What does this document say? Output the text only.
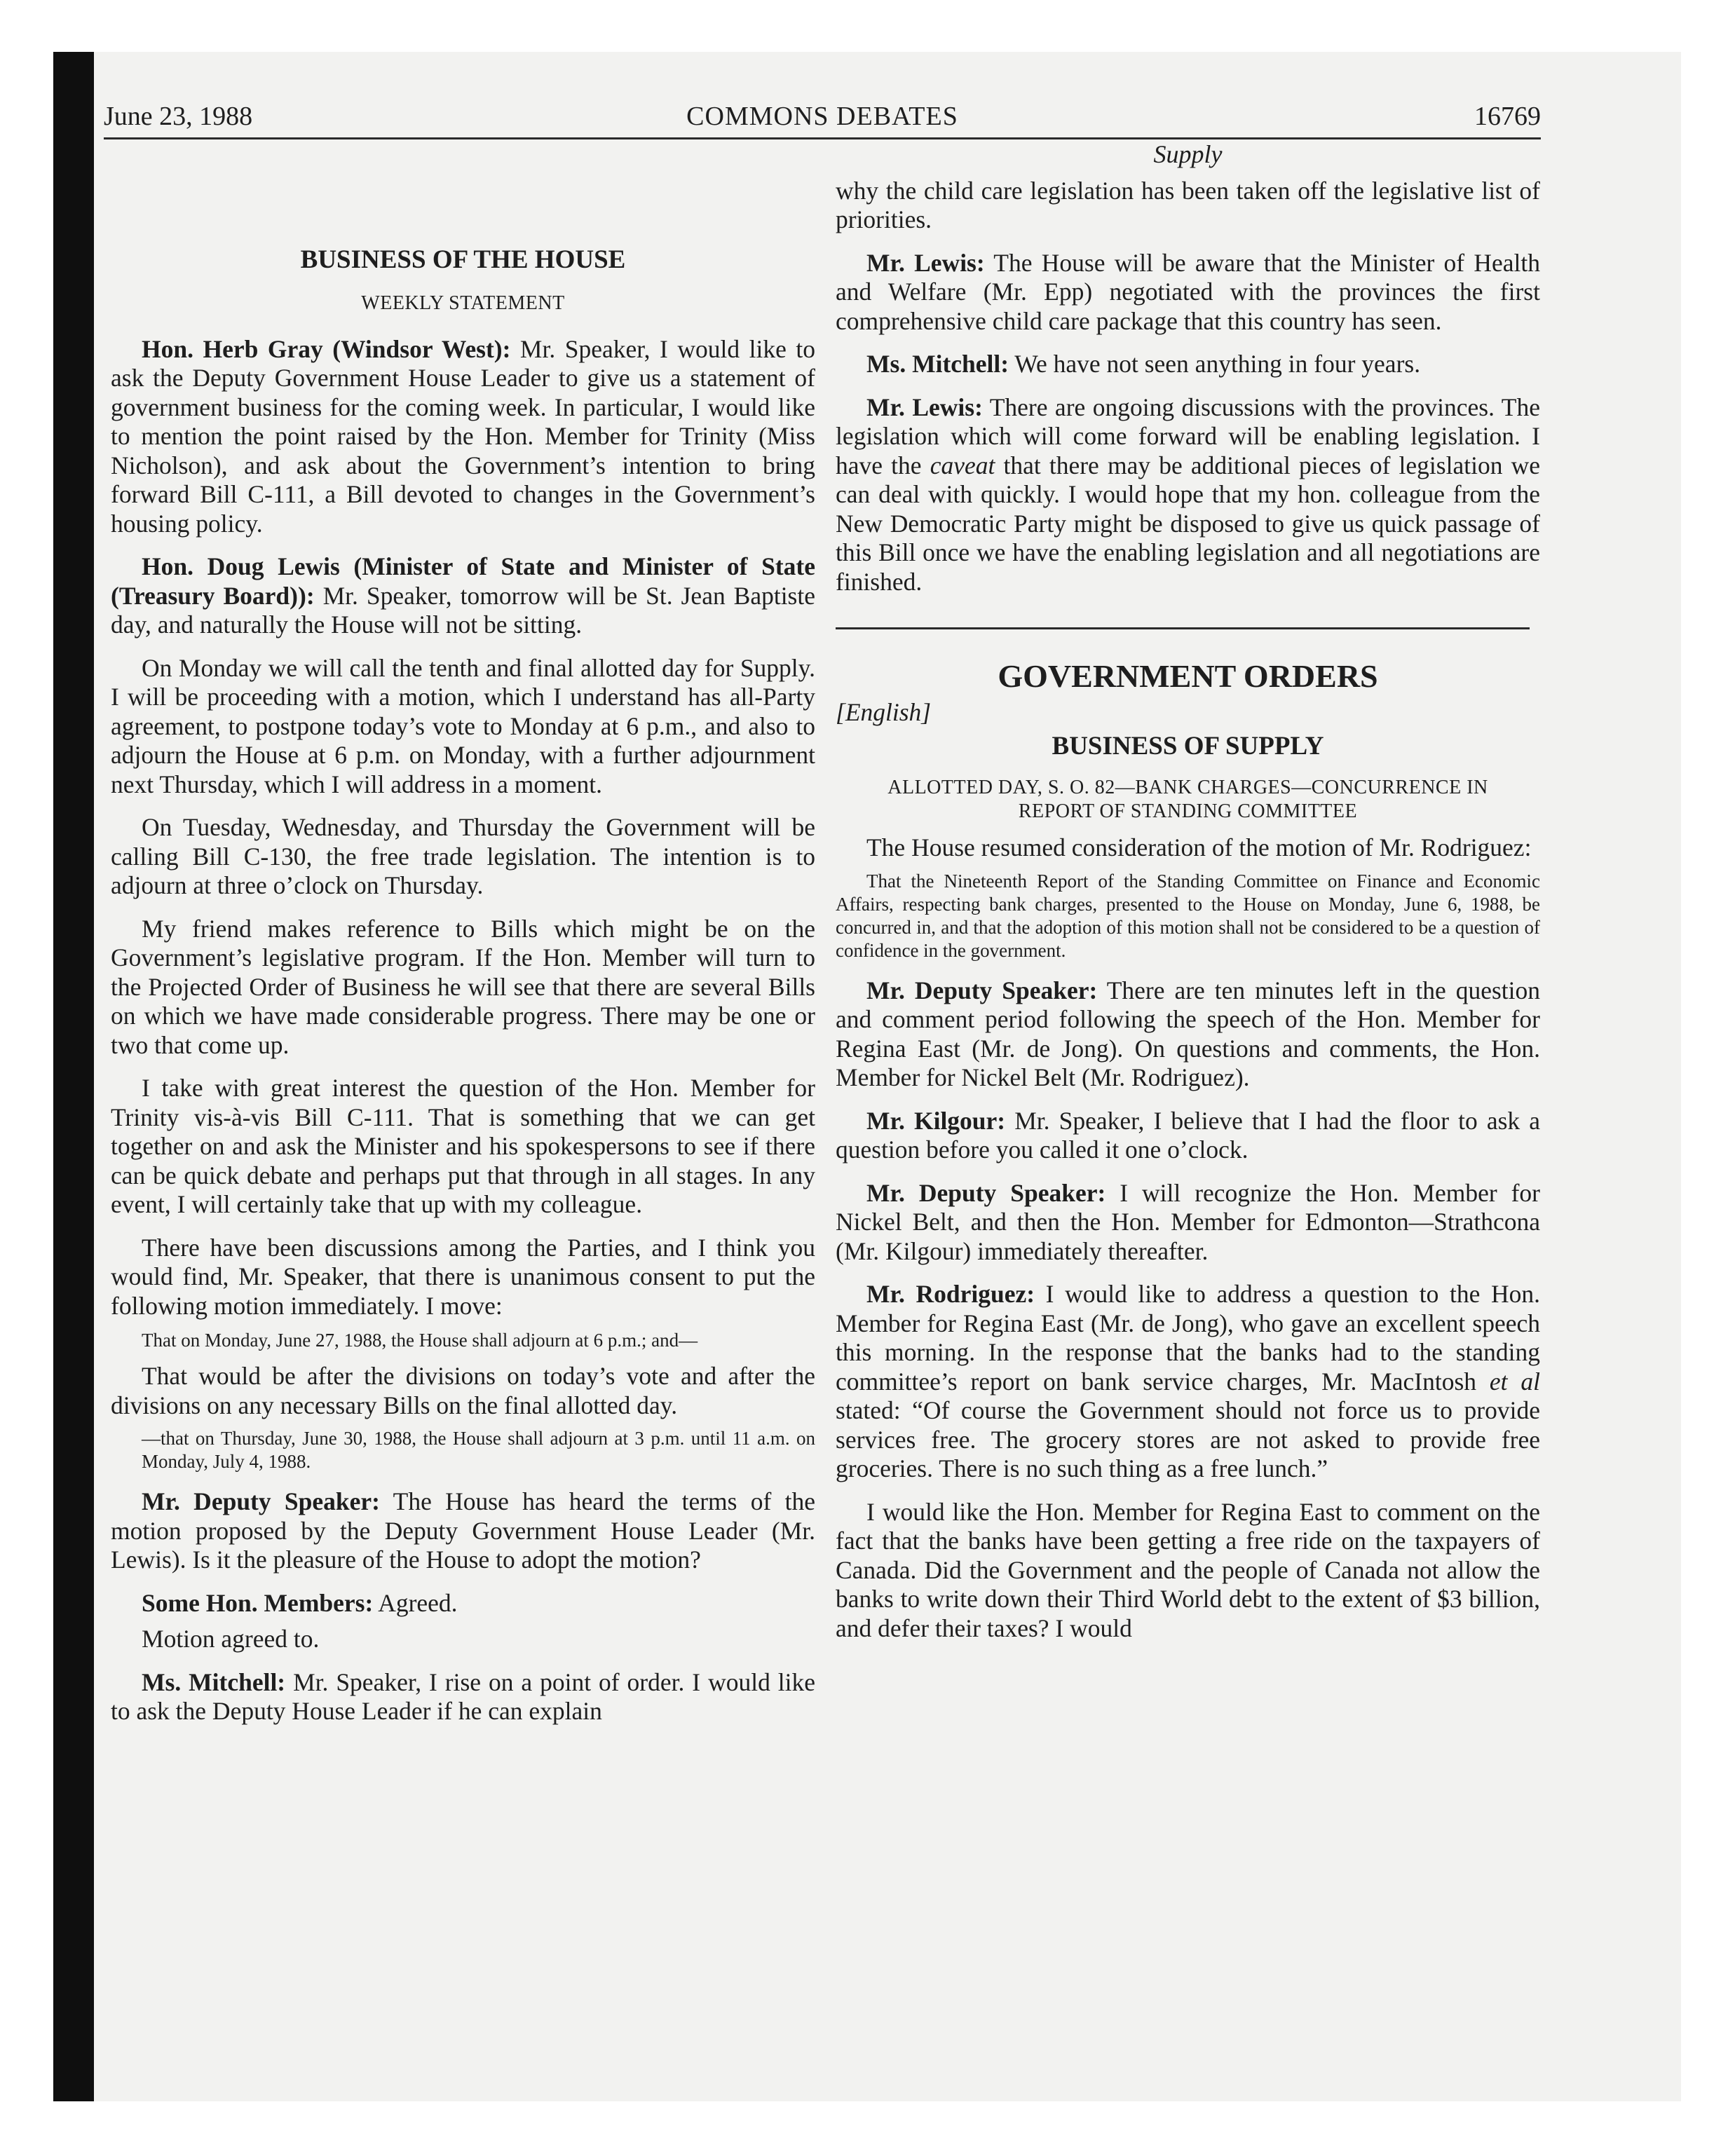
COMMONS DEBATES
June 23, 1988	16769
BUSINESS OF THE HOUSE
WEEKLY STATEMENT

Hon. Herb Gray (Windsor West): Mr. Speaker, I would like to ask the Deputy Government House Leader to give us a statement of government business for the coming week. In particular, I would like to mention the point raised by the Hon. Member for Trinity (Miss Nicholson), and ask about the Government’s intention to bring forward Bill C-111, a Bill devoted to changes in the Government’s housing policy.

Hon. Doug Lewis (Minister of State and Minister of State (Treasury Board)): Mr. Speaker, tomorrow will be St. Jean Baptiste day, and naturally the House will not be sitting.

On Monday we will call the tenth and final allotted day for Supply. I will be proceeding with a motion, which I understand has all-Party agreement, to postpone today’s vote to Monday at 6 p.m., and also to adjourn the House at 6 p.m. on Monday, with a further adjournment next Thursday, which I will address in a moment.

On Tuesday, Wednesday, and Thursday the Government will be calling Bill C-130, the free trade legislation. The intention is to adjourn at three o’clock on Thursday.

My friend makes reference to Bills which might be on the Government’s legislative program. If the Hon. Member will turn to the Projected Order of Business he will see that there are several Bills on which we have made considerable progress. There may be one or two that come up.

I take with great interest the question of the Hon. Member for Trinity vis-à-vis Bill C-111. That is something that we can get together on and ask the Minister and his spokespersons to see if there can be quick debate and perhaps put that through in all stages. In any event, I will certainly take that up with my colleague.

There have been discussions among the Parties, and I think you would find, Mr. Speaker, that there is unanimous consent to put the following motion immediately. I move:

That on Monday, June 27, 1988, the House shall adjourn at 6 p.m.; and—

That would be after the divisions on today’s vote and after the divisions on any necessary Bills on the final allotted day.

—that on Thursday, June 30, 1988, the House shall adjourn at 3 p.m. until 11 a.m. on Monday, July 4, 1988.

Mr. Deputy Speaker: The House has heard the terms of the motion proposed by the Deputy Government House Leader (Mr. Lewis). Is it the pleasure of the House to adopt the motion?

Some Hon. Members: Agreed.

Motion agreed to.

Ms. Mitchell: Mr. Speaker, I rise on a point of order. I would like to ask the Deputy House Leader if he can explain

Supply

why the child care legislation has been taken off the legislative list of priorities.

Mr. Lewis: The House will be aware that the Minister of Health and Welfare (Mr. Epp) negotiated with the provinces the first comprehensive child care package that this country has seen.

Ms. Mitchell: We have not seen anything in four years.

Mr. Lewis: There are ongoing discussions with the provinces. The legislation which will come forward will be enabling legislation. I have the caveat that there may be additional pieces of legislation we can deal with quickly. I would hope that my hon. colleague from the New Democratic Party might be disposed to give us quick passage of this Bill once we have the enabling legislation and all negotiations are finished.

GOVERNMENT ORDERS

[English]

BUSINESS OF SUPPLY
ALLOTTED DAY, S. O. 82—BANK CHARGES—CONCURRENCE IN
REPORT OF STANDING COMMITTEE

The House resumed consideration of the motion of Mr. Rodriguez:

That the Nineteenth Report of the Standing Committee on Finance and Economic Affairs, respecting bank charges, presented to the House on Monday, June 6, 1988, be concurred in, and that the adoption of this motion shall not be considered to be a question of confidence in the government.

Mr. Deputy Speaker: There are ten minutes left in the question and comment period following the speech of the Hon. Member for Regina East (Mr. de Jong). On questions and comments, the Hon. Member for Nickel Belt (Mr. Rodriguez).

Mr. Kilgour: Mr. Speaker, I believe that I had the floor to ask a question before you called it one o’clock.

Mr. Deputy Speaker: I will recognize the Hon. Member for Nickel Belt, and then the Hon. Member for Edmonton—Strathcona (Mr. Kilgour) immediately thereafter.

Mr. Rodriguez: I would like to address a question to the Hon. Member for Regina East (Mr. de Jong), who gave an excellent speech this morning. In the response that the banks had to the standing committee’s report on bank service charges, Mr. MacIntosh et al stated: “Of course the Government should not force us to provide services free. The grocery stores are not asked to provide free groceries. There is no such thing as a free lunch.”

I would like the Hon. Member for Regina East to comment on the fact that the banks have been getting a free ride on the taxpayers of Canada. Did the Government and the people of Canada not allow the banks to write down their Third World debt to the extent of $3 billion, and defer their taxes? I would
